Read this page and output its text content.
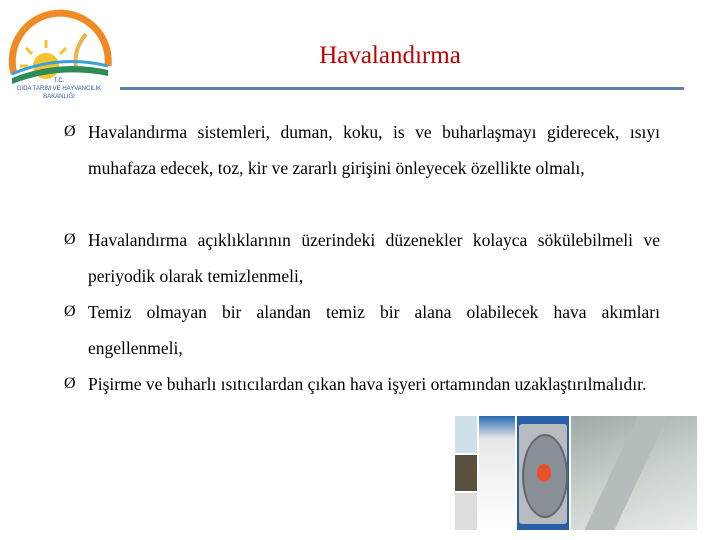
T.C.
GIDA TARIM VE HAYVANCILIK
BAKANLIĞI
Havalandırma
Ø Havalandırma sistemleri, duman, koku, is ve buharlaşmayı giderecek, ısıyı muhafaza edecek, toz, kir ve zararlı girişini önleyecek özellikte olmalı,
Ø Havalandırma açıklıklarının üzerindeki düzenekler kolayca sökülebilmeli ve periyodik olarak temizlenmeli,
Ø Temiz olmayan bir alandan temiz bir alana olabilecek hava akımları engellenmeli,
Ø Pişirme ve buharlı ısıtıcılardan çıkan hava işyeri ortamından uzaklaştırılmalıdır.
